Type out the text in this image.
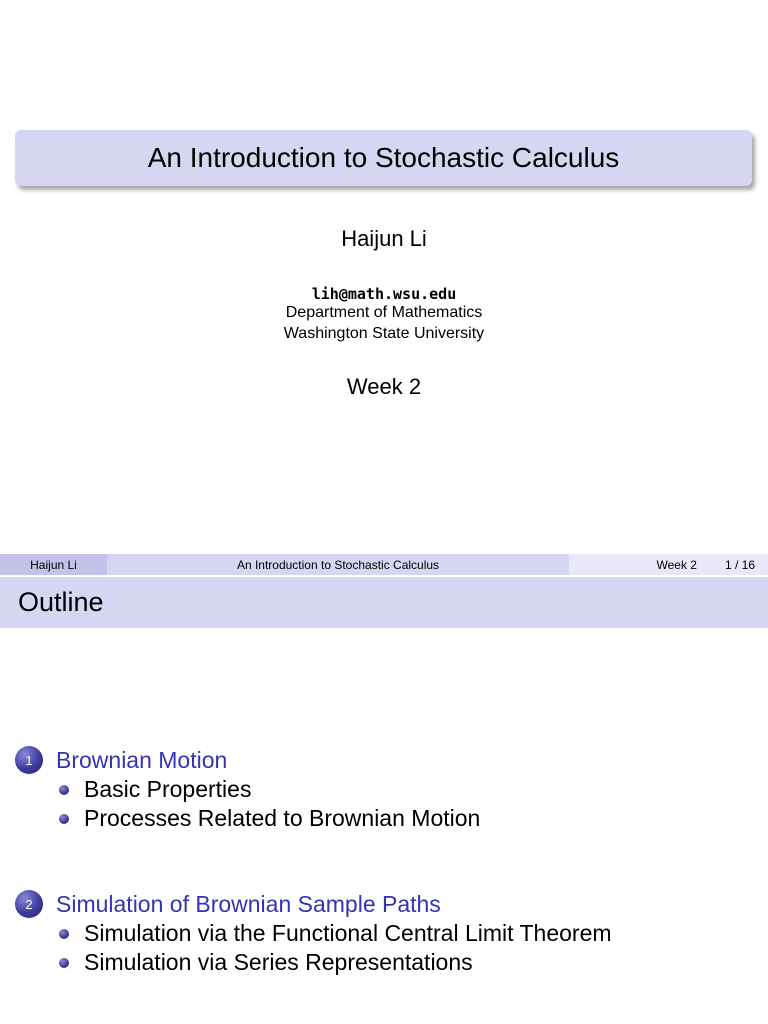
An Introduction to Stochastic Calculus
Haijun Li
lih@math.wsu.edu
Department of Mathematics
Washington State University
Week 2
Haijun Li	An Introduction to Stochastic Calculus	Week 2 1 / 16
Outline
1	Brownian Motion
Basic Properties
Processes Related to Brownian Motion
2	Simulation of Brownian Sample Paths
Simulation via the Functional Central Limit Theorem
Simulation via Series Representations
